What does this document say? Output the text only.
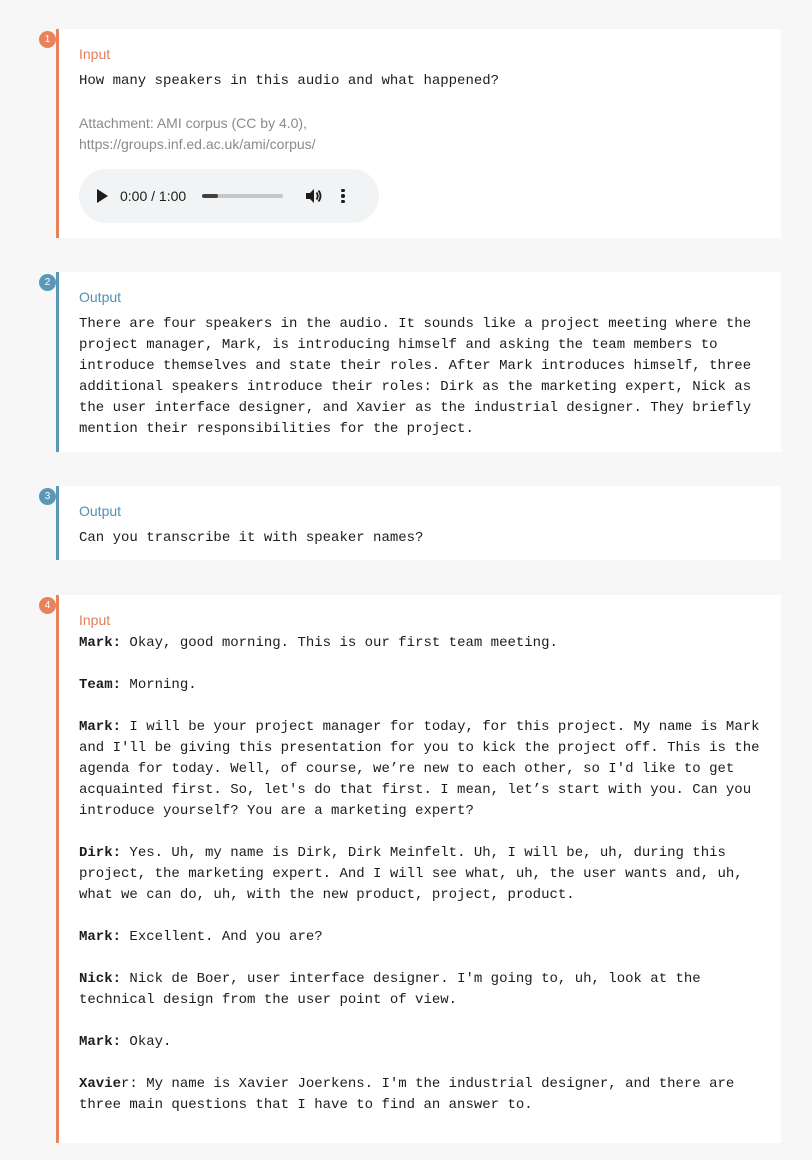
1
Input

How many speakers in this audio and what happened?

Attachment: AMI corpus (CC by 4.0),
https://groups.inf.ed.ac.uk/ami/corpus/
0:00 / 1:00
2
Output

There are four speakers in the audio. It sounds like a project meeting where the project manager, Mark, is introducing himself and asking the team members to introduce themselves and state their roles. After Mark introduces himself, three additional speakers introduce their roles: Dirk as the marketing expert, Nick as the user interface designer, and Xavier as the industrial designer. They briefly mention their responsibilities for the project.

3
Output

Can you transcribe it with speaker names?

4
Input

Mark: Okay, good morning. This is our first team meeting.

Team: Morning.

Mark: I will be your project manager for today, for this project. My name is Mark and I'll be giving this presentation for you to kick the project off. This is the agenda for today. Well, of course, we’re new to each other, so I'd like to get acquainted first. So, let's do that first. I mean, let’s start with you. Can you introduce yourself? You are a marketing expert?

Dirk: Yes. Uh, my name is Dirk, Dirk Meinfelt. Uh, I will be, uh, during this project, the marketing expert. And I will see what, uh, the user wants and, uh, what we can do, uh, with the new product, project, product.

Mark: Excellent. And you are?

Nick: Nick de Boer, user interface designer. I'm going to, uh, look at the technical design from the user point of view.

Mark: Okay.

Xavier: My name is Xavier Joerkens. I'm the industrial designer, and there are three main questions that I have to find an answer to.
